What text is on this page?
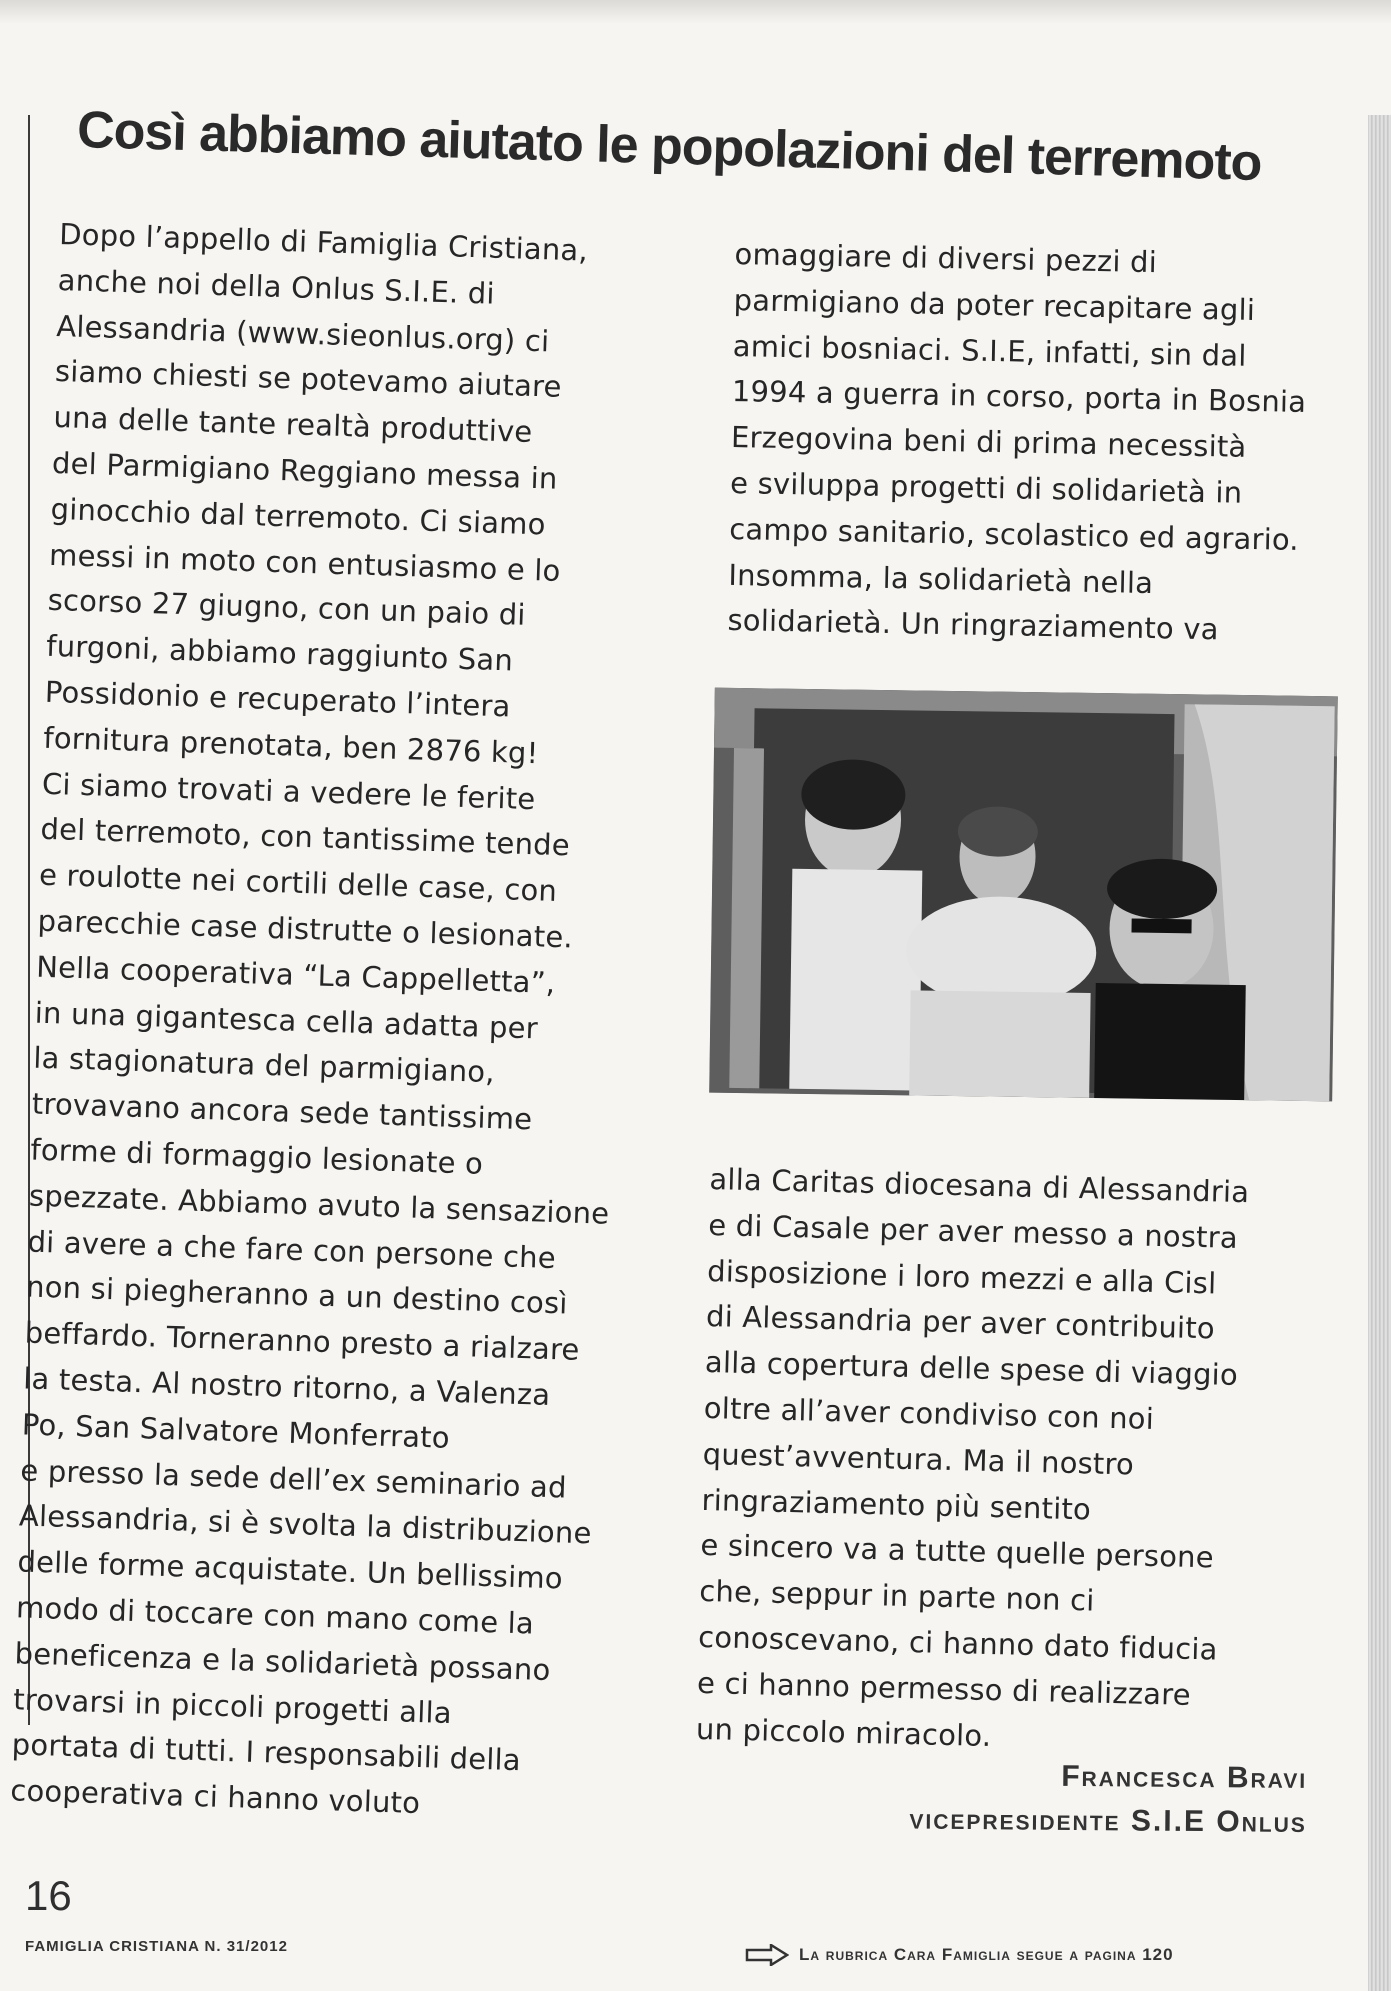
Così abbiamo aiutato le popolazioni del terremoto
Dopo l’appello di Famiglia Cristiana,
anche noi della Onlus S.I.E. di
Alessandria (www.sieonlus.org) ci
siamo chiesti se potevamo aiutare
una delle tante realtà produttive
del Parmigiano Reggiano messa in
ginocchio dal terremoto. Ci siamo
messi in moto con entusiasmo e lo
scorso 27 giugno, con un paio di
furgoni, abbiamo raggiunto San
Possidonio e recuperato l’intera
fornitura prenotata, ben 2876 kg!
Ci siamo trovati a vedere le ferite
del terremoto, con tantissime tende
e roulotte nei cortili delle case, con
parecchie case distrutte o lesionate.
Nella cooperativa “La Cappelletta”,
in una gigantesca cella adatta per
la stagionatura del parmigiano,
trovavano ancora sede tantissime
forme di formaggio lesionate o
spezzate. Abbiamo avuto la sensazione
di avere a che fare con persone che
non si piegheranno a un destino così
beffardo. Torneranno presto a rialzare
la testa. Al nostro ritorno, a Valenza
Po, San Salvatore Monferrato
e presso la sede dell’ex seminario ad
Alessandria, si è svolta la distribuzione
delle forme acquistate. Un bellissimo
modo di toccare con mano come la
beneficenza e la solidarietà possano
trovarsi in piccoli progetti alla
portata di tutti. I responsabili della
cooperativa ci hanno voluto
omaggiare di diversi pezzi di
parmigiano da poter recapitare agli
amici bosniaci. S.I.E, infatti, sin dal
1994 a guerra in corso, porta in Bosnia
Erzegovina beni di prima necessità
e sviluppa progetti di solidarietà in
campo sanitario, scolastico ed agrario.
Insomma, la solidarietà nella
solidarietà. Un ringraziamento va
alla Caritas diocesana di Alessandria
e di Casale per aver messo a nostra
disposizione i loro mezzi e alla Cisl
di Alessandria per aver contribuito
alla copertura delle spese di viaggio
oltre all’aver condiviso con noi
quest’avventura. Ma il nostro
ringraziamento più sentito
e sincero va a tutte quelle persone
che, seppur in parte non ci
conoscevano, ci hanno dato fiducia
e ci hanno permesso di realizzare
un piccolo miracolo.
Francesca Bravi
vicepresidente S.I.E Onlus
16
FAMIGLIA CRISTIANA N. 31/2012	La rubrica Cara Famiglia segue a pagina 120
